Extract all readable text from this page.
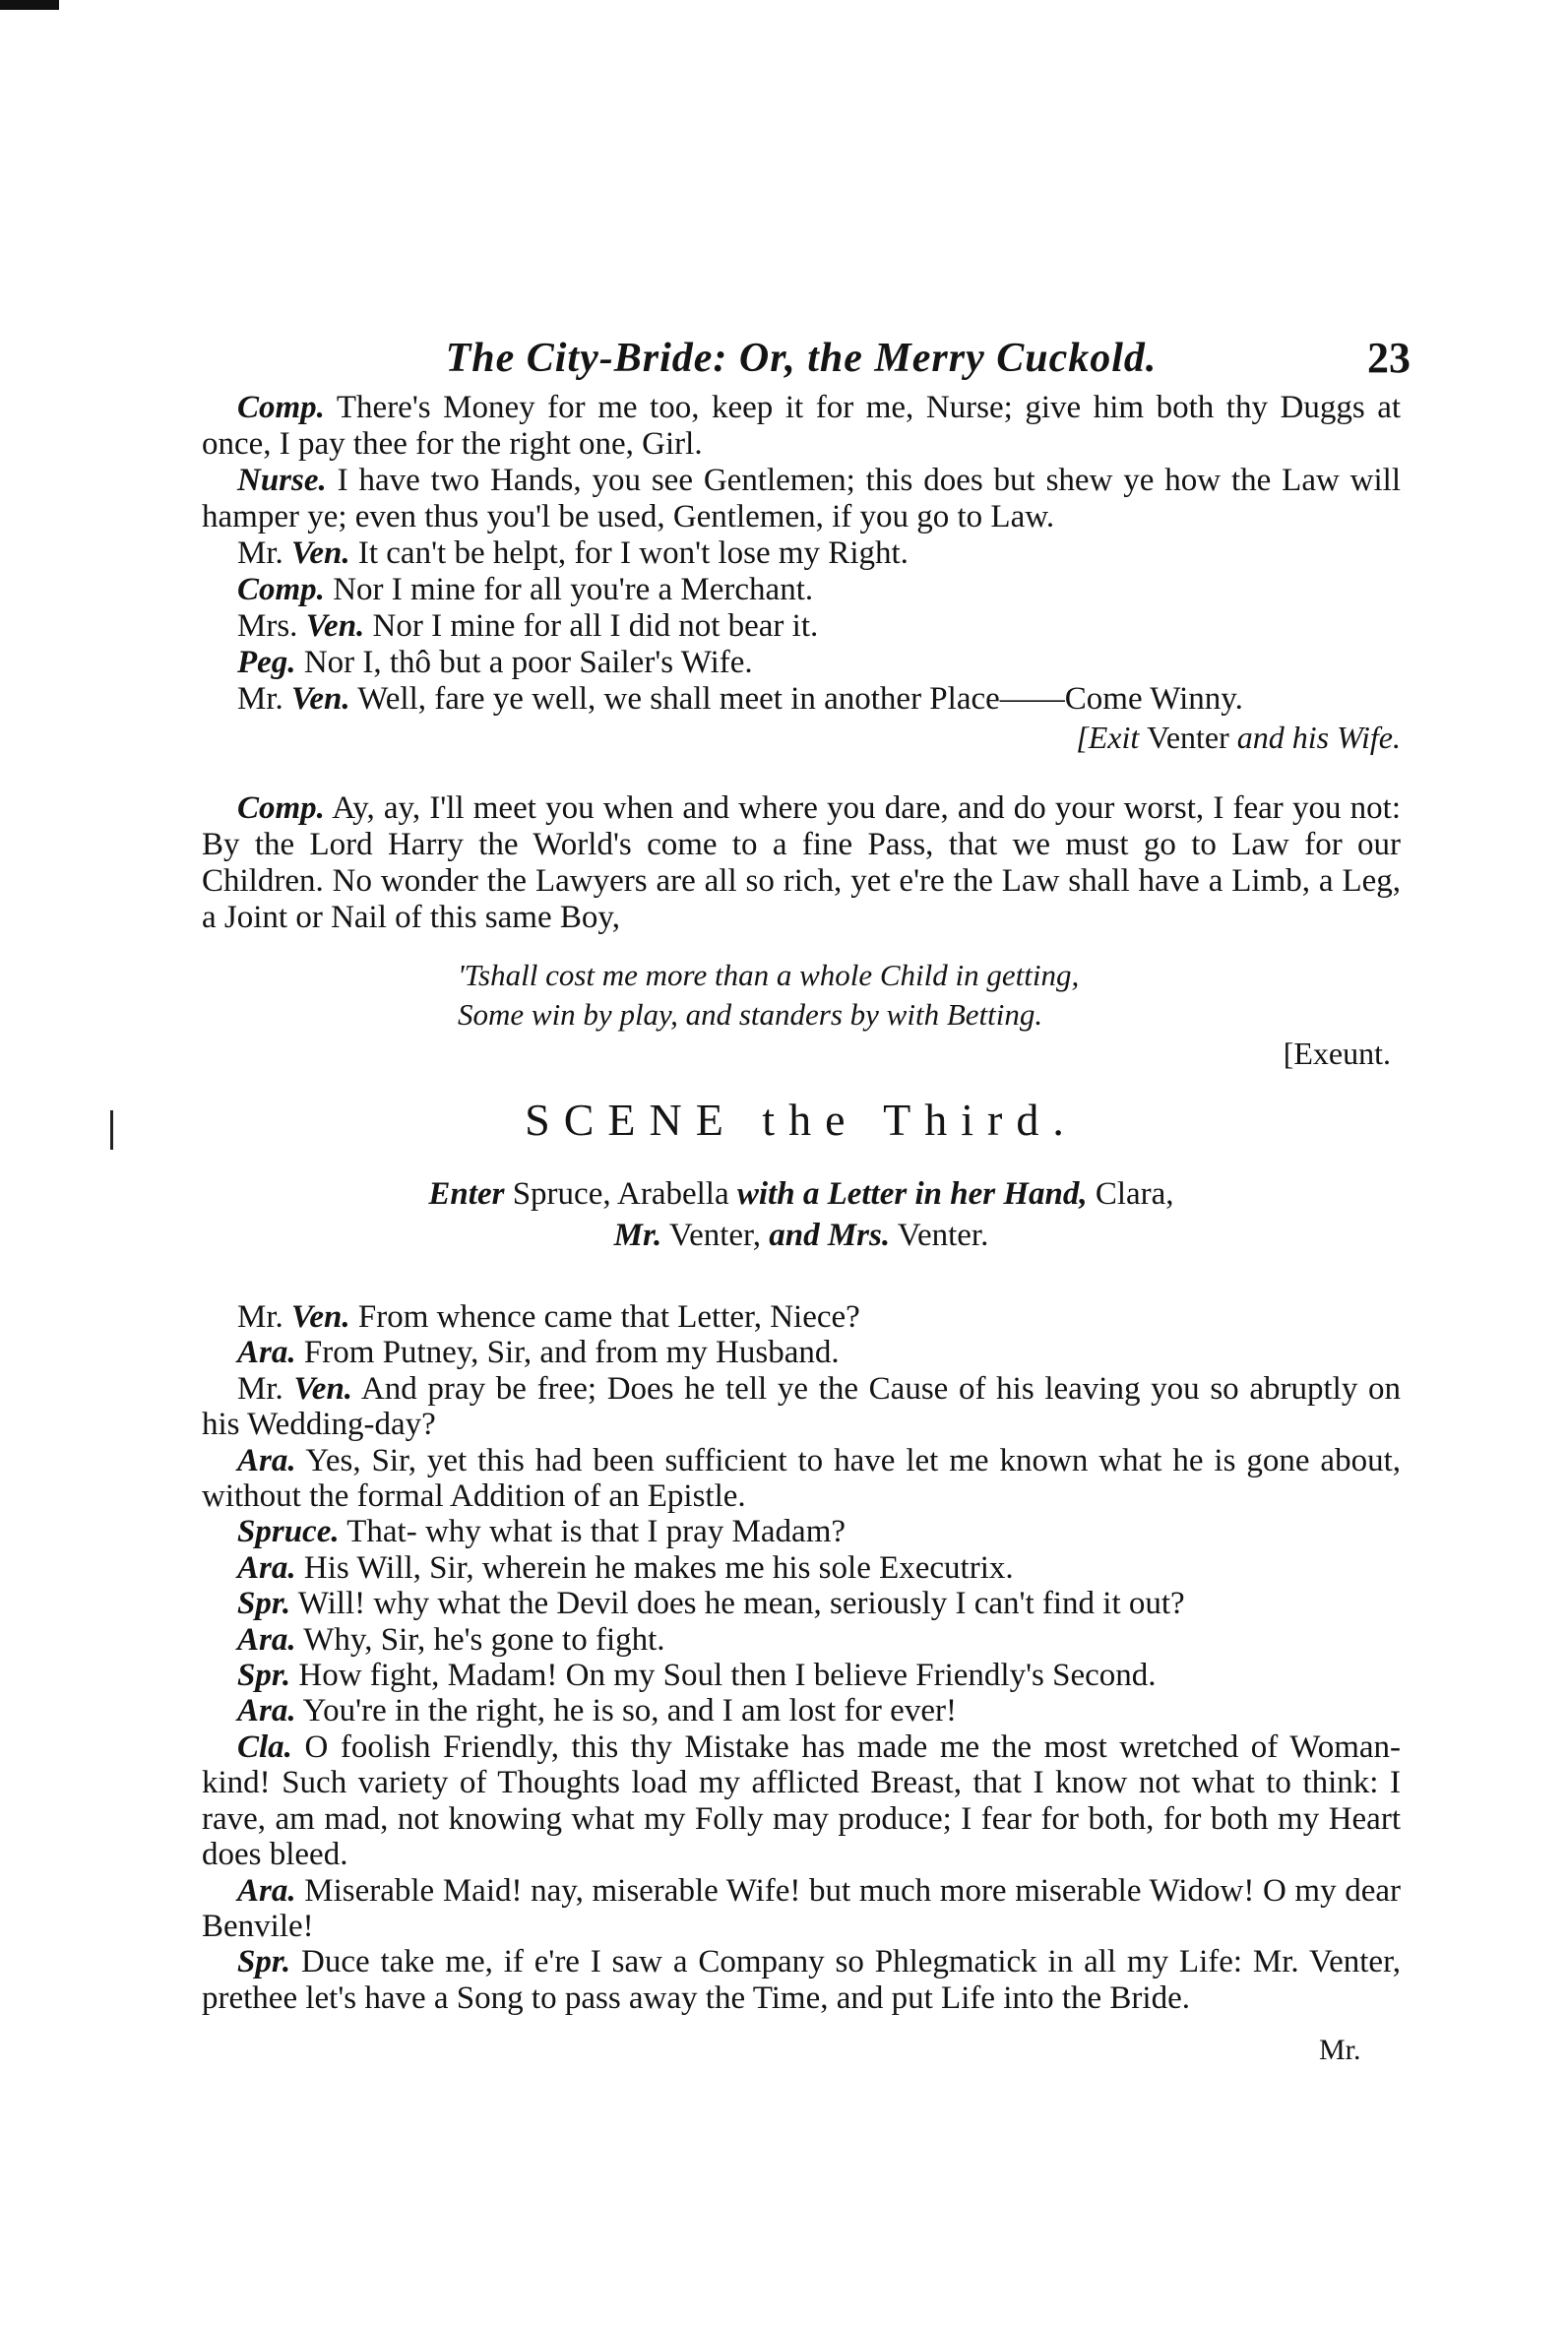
The City-Bride: Or, the Merry Cuckold.	23

Comp. There's Money for me too, keep it for me, Nurse; give him both thy Duggs at once, I pay thee for the right one, Girl.

Nurse. I have two Hands, you see Gentlemen; this does but shew ye how the Law will hamper ye; even thus you'l be used, Gentlemen, if you go to Law.

Mr. Ven. It can't be helpt, for I won't lose my Right.

Comp. Nor I mine for all you're a Merchant.

Mrs. Ven. Nor I mine for all I did not bear it.

Peg. Nor I, thô but a poor Sailer's Wife.

Mr. Ven. Well, fare ye well, we shall meet in another Place——Come Winny.

[Exit Venter and his Wife.

Comp. Ay, ay, I'll meet you when and where you dare, and do your worst, I fear you not: By the Lord Harry the World's come to a fine Pass, that we must go to Law for our Children. No wonder the Lawyers are all so rich, yet e're the Law shall have a Limb, a Leg, a Joint or Nail of this same Boy,

'Tshall cost me more than a whole Child in getting,
Some win by play, and standers by with Betting.

[Exeunt.

SCENE the Third.

Enter Spruce, Arabella with a Letter in her Hand, Clara,

Mr. Venter, and Mrs. Venter.

Mr. Ven. From whence came that Letter, Niece?

Ara. From Putney, Sir, and from my Husband.

Mr. Ven. And pray be free; Does he tell ye the Cause of his leaving you so abruptly on his Wedding-day?

Ara. Yes, Sir, yet this had been sufficient to have let me known what he is gone about, without the formal Addition of an Epistle.

Spruce. That- why what is that I pray Madam?

Ara. His Will, Sir, wherein he makes me his sole Executrix.

Spr. Will! why what the Devil does he mean, seriously I can't find it out?

Ara. Why, Sir, he's gone to fight.

Spr. How fight, Madam! On my Soul then I believe Friendly's Second.

Ara. You're in the right, he is so, and I am lost for ever!

Cla. O foolish Friendly, this thy Mistake has made me the most wretched of Woman-kind! Such variety of Thoughts load my afflicted Breast, that I know not what to think: I rave, am mad, not knowing what my Folly may produce; I fear for both, for both my Heart does bleed.

Ara. Miserable Maid! nay, miserable Wife! but much more miserable Widow! O my dear Benvile!

Spr. Duce take me, if e're I saw a Company so Phlegmatick in all my Life: Mr. Venter, prethee let's have a Song to pass away the Time, and put Life into the Bride.

Mr.
